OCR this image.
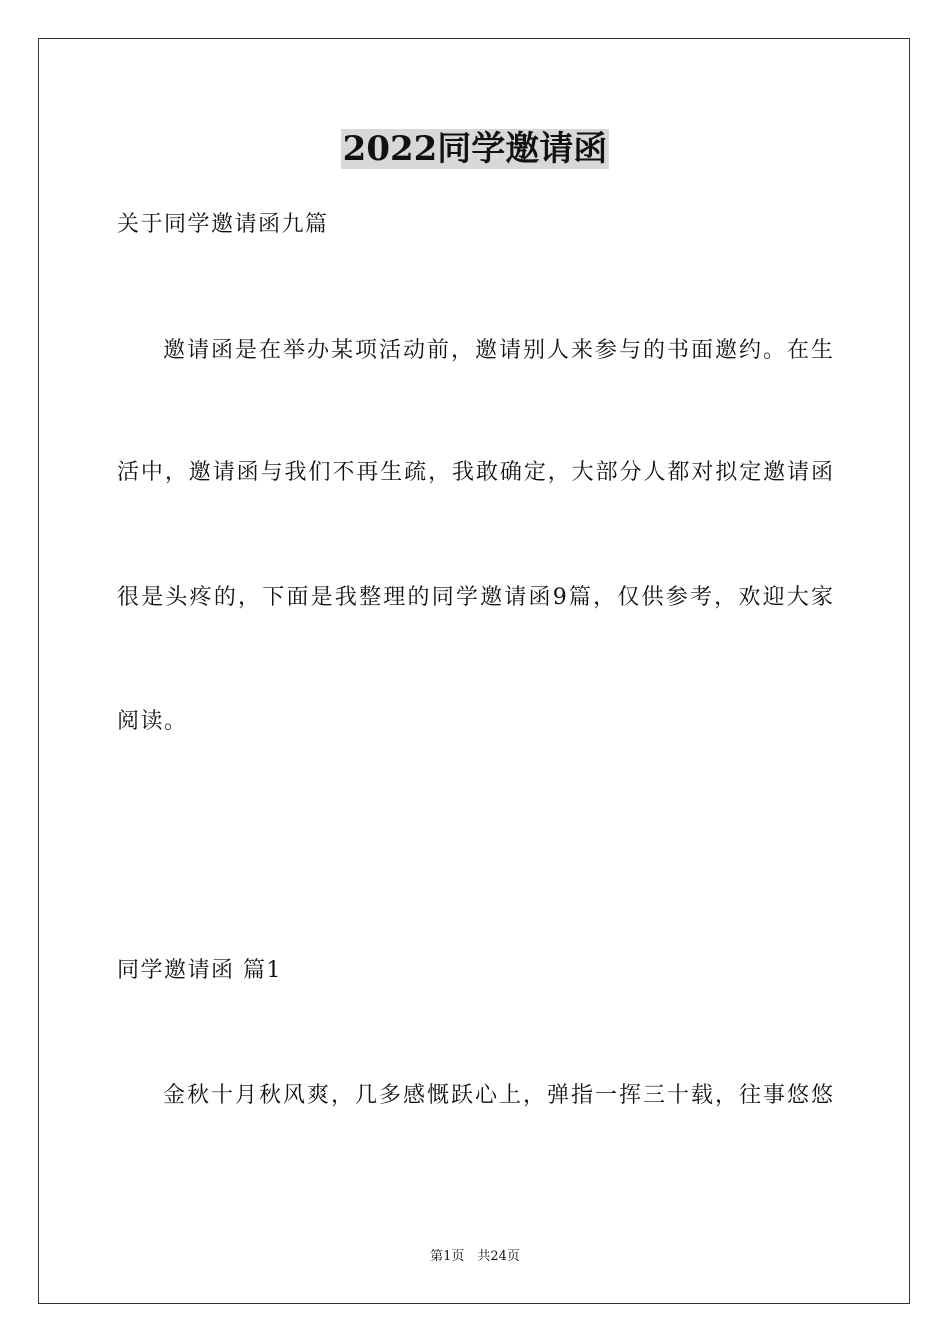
2022同学邀请函
关于同学邀请函九篇
邀请函是在举办某项活动前，邀请别人来参与的书面邀约。在生
活中，邀请函与我们不再生疏，我敢确定，大部分人都对拟定邀请函
很是头疼的，下面是我整理的同学邀请函9篇，仅供参考，欢迎大家
阅读。
同学邀请函 篇1
金秋十月秋风爽，几多感慨跃心上，弹指一挥三十载，往事悠悠
第1页　共24页
